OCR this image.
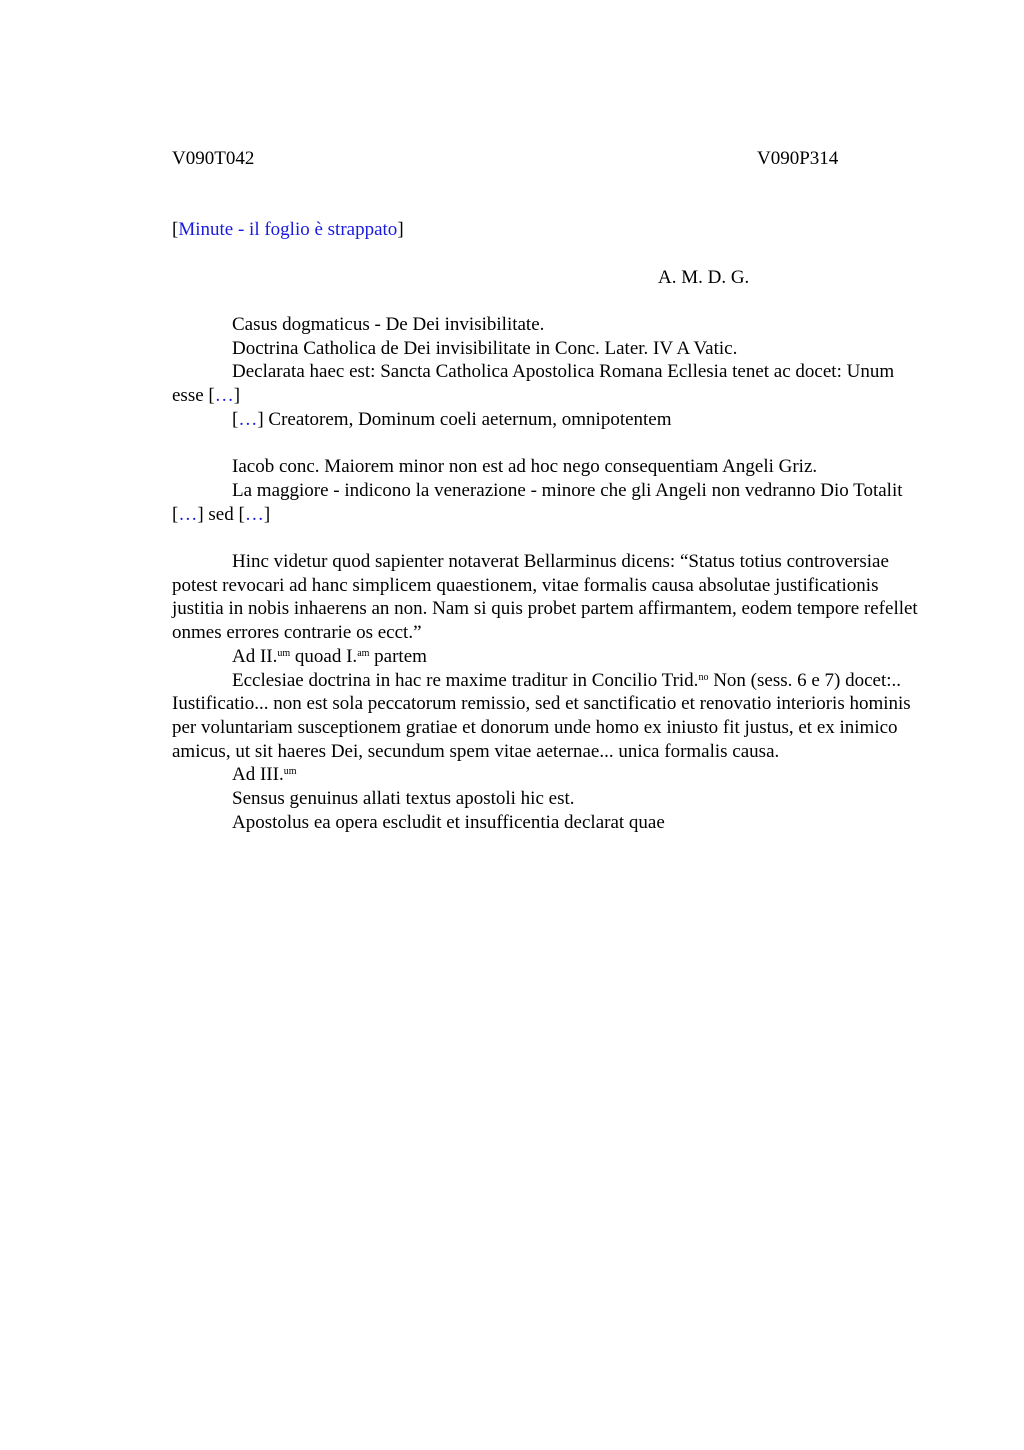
V090T042	V090P314
[Minute - il foglio è strappato]
A. M. D. G.

Casus dogmaticus - De Dei invisibilitate.

Doctrina Catholica de Dei invisibilitate in Conc. Later. IV A Vatic.

Declarata haec est: Sancta Catholica Apostolica Romana Ecllesia tenet ac docet: Unum esse […]

[…] Creatorem, Dominum coeli aeternum, omnipotentem

Iacob conc. Maiorem minor non est ad hoc nego consequentiam Angeli Griz.

La maggiore - indicono la venerazione - minore che gli Angeli non vedranno Dio Totalit […] sed […]

Hinc videtur quod sapienter notaverat Bellarminus dicens: “Status totius controversiae potest revocari ad hanc simplicem quaestionem, vitae formalis causa absolutae justificationis justitia in nobis inhaerens an non. Nam si quis probet partem affirmantem, eodem tempore refellet onmes errores contrarie os ecct.”

Ad II.$^{um}$ quoad I.$^{am}$ partem

Ecclesiae doctrina in hac re maxime traditur in Concilio Trid.$^{no}$ Non (sess. 6 e 7) docet:.. Iustificatio... non est sola peccatorum remissio, sed et sanctificatio et renovatio interioris hominis per voluntariam susceptionem gratiae et donorum unde homo ex iniusto fit justus, et ex inimico amicus, ut sit haeres Dei, secundum spem vitae aeternae... unica formalis causa.

Ad III.$^{um}$

Sensus genuinus allati textus apostoli hic est.

Apostolus ea opera escludit et insufficentia declarat quae
